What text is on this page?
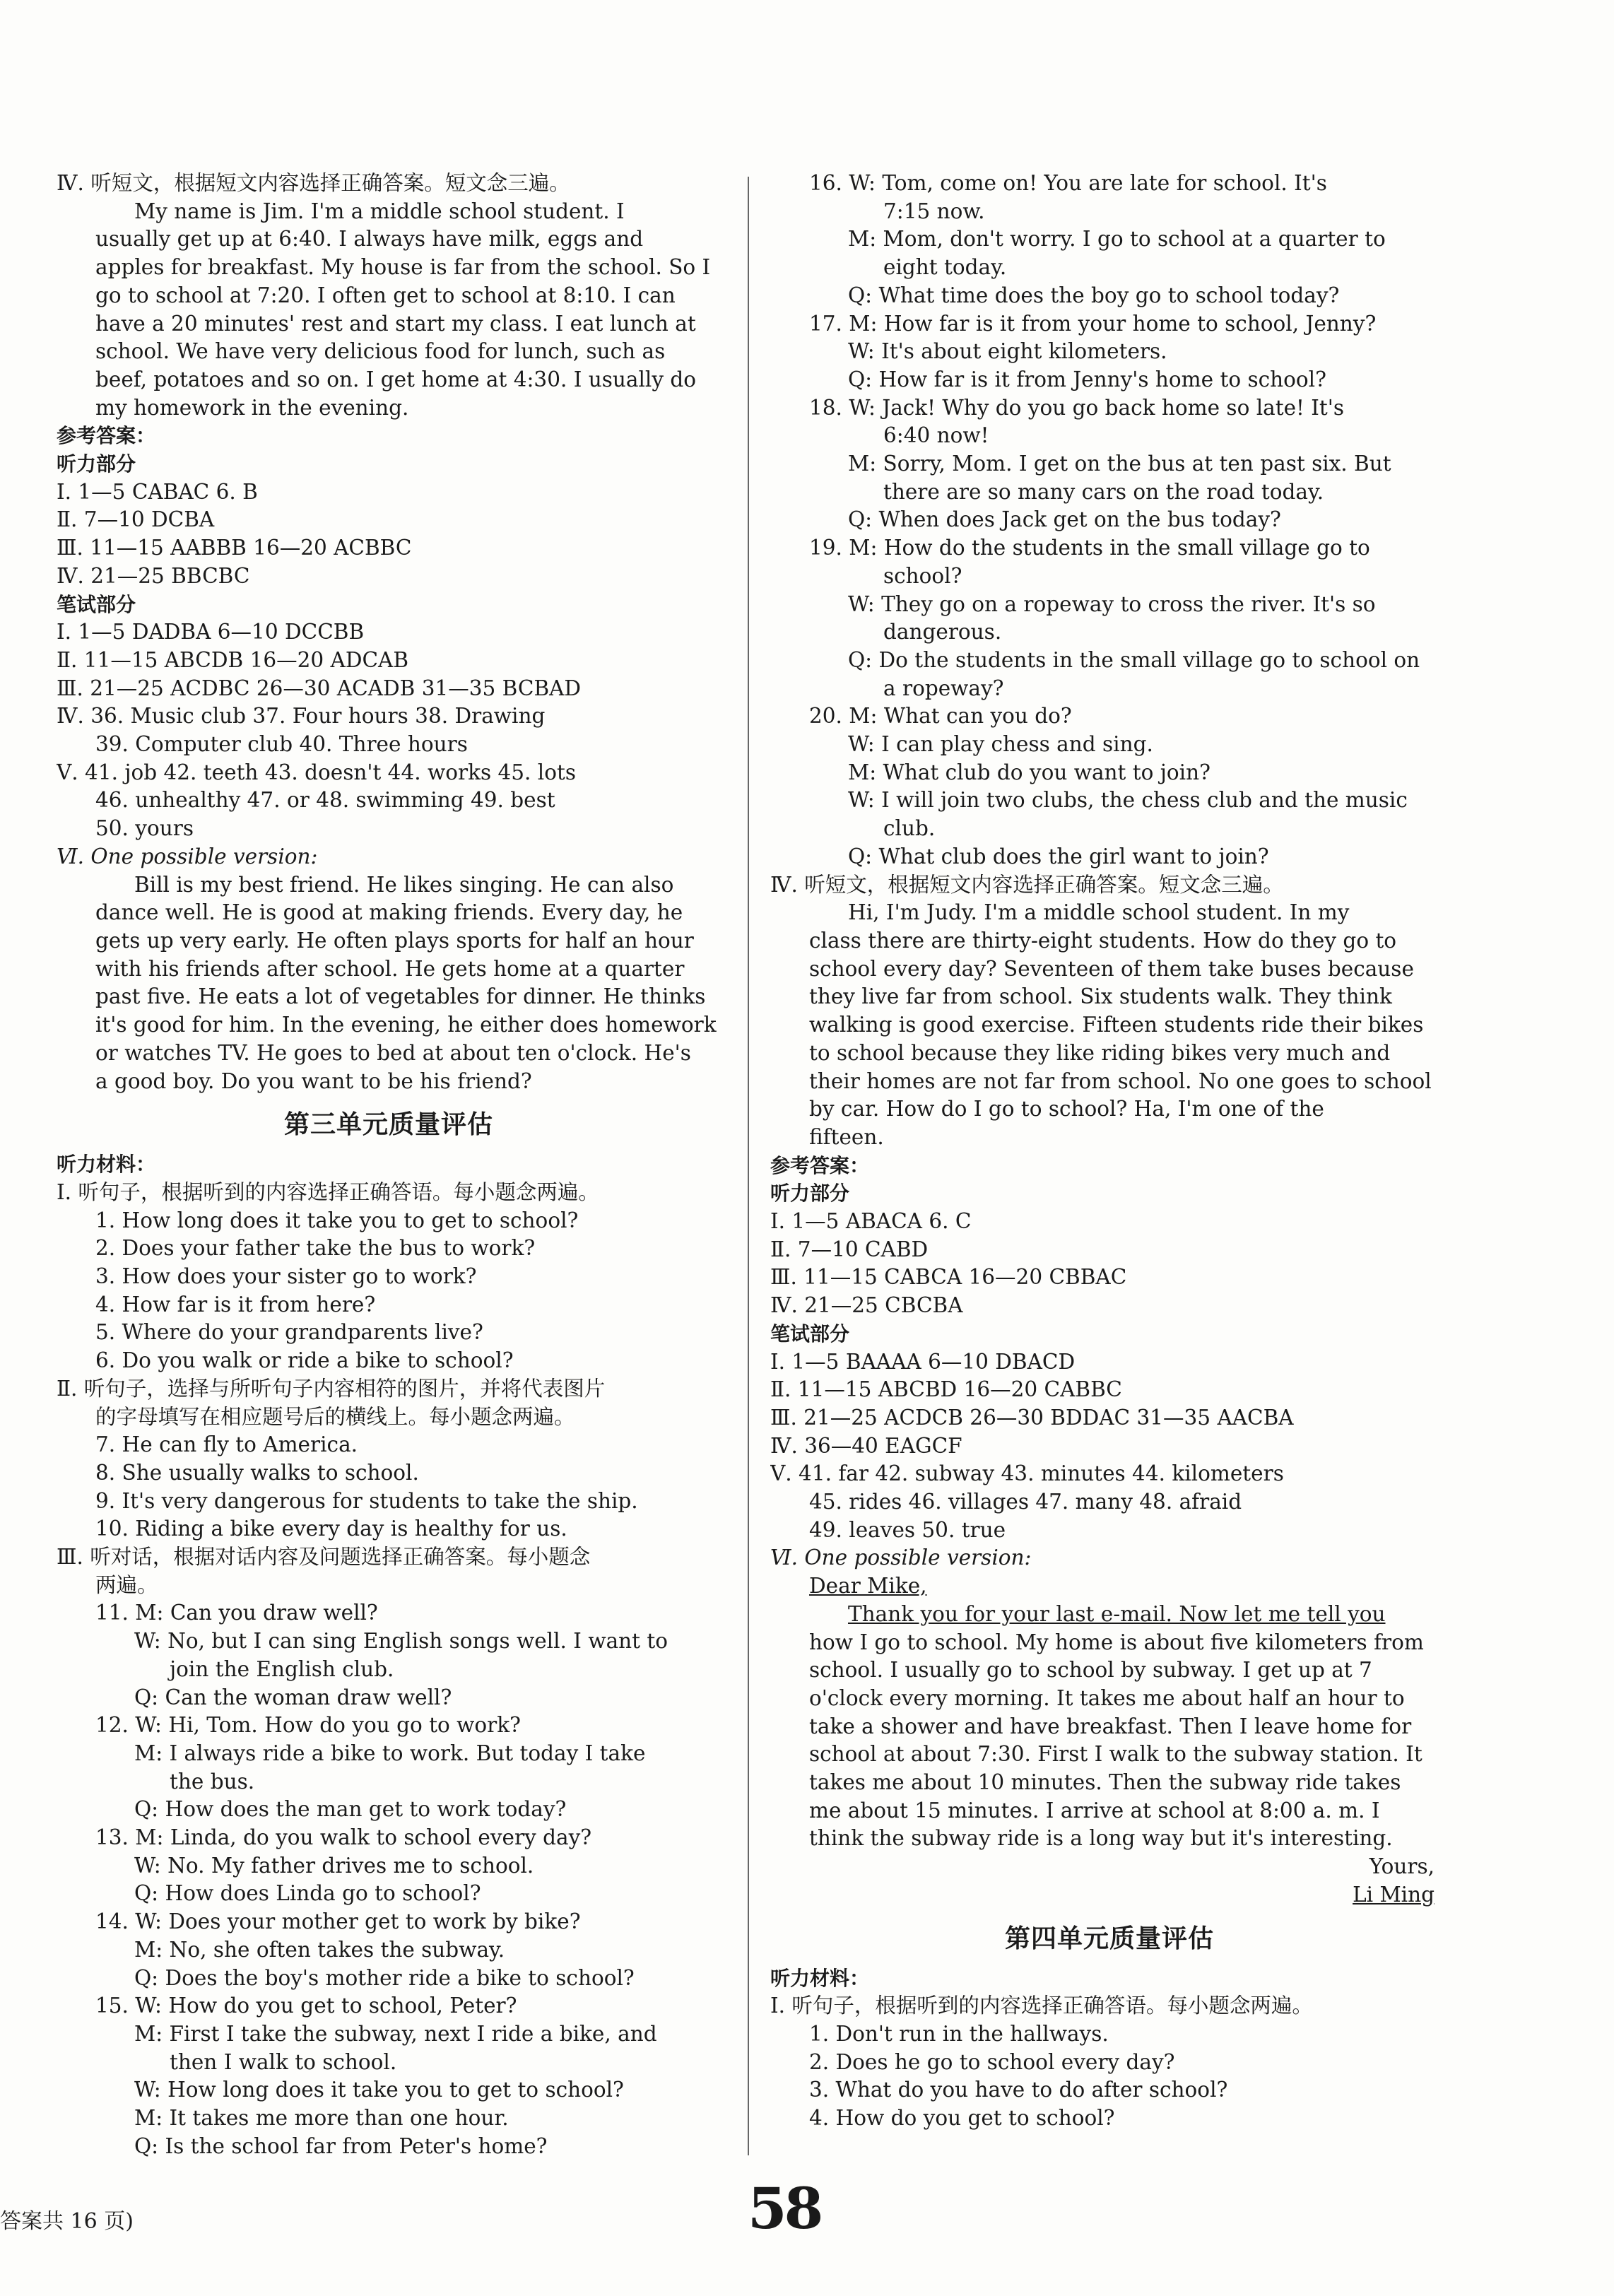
Ⅳ. 听短文，根据短文内容选择正确答案。短文念三遍。
My name is Jim. I'm a middle school student. I
usually get up at 6:40. I always have milk, eggs and
apples for breakfast. My house is far from the school. So I
go to school at 7:20. I often get to school at 8:10. I can
have a 20 minutes' rest and start my class. I eat lunch at
school. We have very delicious food for lunch, such as
beef, potatoes and so on. I get home at 4:30. I usually do
my homework in the evening.
参考答案：
听力部分
Ⅰ. 1—5 CABAC 6. B
Ⅱ. 7—10 DCBA
Ⅲ. 11—15 AABBB 16—20 ACBBC
Ⅳ. 21—25 BBCBC
笔试部分
Ⅰ. 1—5 DADBA 6—10 DCCBB
Ⅱ. 11—15 ABCDB 16—20 ADCAB
Ⅲ. 21—25 ACDBC 26—30 ACADB 31—35 BCBAD
Ⅳ. 36. Music club 37. Four hours 38. Drawing
39. Computer club 40. Three hours
Ⅴ. 41. job 42. teeth 43. doesn't 44. works 45. lots
46. unhealthy 47. or 48. swimming 49. best
50. yours
Ⅵ. One possible version:
Bill is my best friend. He likes singing. He can also
dance well. He is good at making friends. Every day, he
gets up very early. He often plays sports for half an hour
with his friends after school. He gets home at a quarter
past five. He eats a lot of vegetables for dinner. He thinks
it's good for him. In the evening, he either does homework
or watches TV. He goes to bed at about ten o'clock. He's
a good boy. Do you want to be his friend?
第三单元质量评估
听力材料：
Ⅰ. 听句子，根据听到的内容选择正确答语。每小题念两遍。
1. How long does it take you to get to school?
2. Does your father take the bus to work?
3. How does your sister go to work?
4. How far is it from here?
5. Where do your grandparents live?
6. Do you walk or ride a bike to school?
Ⅱ. 听句子，选择与所听句子内容相符的图片，并将代表图片
的字母填写在相应题号后的横线上。每小题念两遍。
7. He can fly to America.
8. She usually walks to school.
9. It's very dangerous for students to take the ship.
10. Riding a bike every day is healthy for us.
Ⅲ. 听对话，根据对话内容及问题选择正确答案。每小题念
两遍。
11. M: Can you draw well?
W: No, but I can sing English songs well. I want to
join the English club.
Q: Can the woman draw well?
12. W: Hi, Tom. How do you go to work?
M: I always ride a bike to work. But today I take
the bus.
Q: How does the man get to work today?
13. M: Linda, do you walk to school every day?
W: No. My father drives me to school.
Q: How does Linda go to school?
14. W: Does your mother get to work by bike?
M: No, she often takes the subway.
Q: Does the boy's mother ride a bike to school?
15. W: How do you get to school, Peter?
M: First I take the subway, next I ride a bike, and
then I walk to school.
W: How long does it take you to get to school?
M: It takes me more than one hour.
Q: Is the school far from Peter's home?
16. W: Tom, come on! You are late for school. It's
7:15 now.
M: Mom, don't worry. I go to school at a quarter to
eight today.
Q: What time does the boy go to school today?
17. M: How far is it from your home to school, Jenny?
W: It's about eight kilometers.
Q: How far is it from Jenny's home to school?
18. W: Jack! Why do you go back home so late! It's
6:40 now!
M: Sorry, Mom. I get on the bus at ten past six. But
there are so many cars on the road today.
Q: When does Jack get on the bus today?
19. M: How do the students in the small village go to
school?
W: They go on a ropeway to cross the river. It's so
dangerous.
Q: Do the students in the small village go to school on
a ropeway?
20. M: What can you do?
W: I can play chess and sing.
M: What club do you want to join?
W: I will join two clubs, the chess club and the music
club.
Q: What club does the girl want to join?
Ⅳ. 听短文，根据短文内容选择正确答案。短文念三遍。
Hi, I'm Judy. I'm a middle school student. In my
class there are thirty-eight students. How do they go to
school every day? Seventeen of them take buses because
they live far from school. Six students walk. They think
walking is good exercise. Fifteen students ride their bikes
to school because they like riding bikes very much and
their homes are not far from school. No one goes to school
by car. How do I go to school? Ha, I'm one of the
fifteen.
参考答案：
听力部分
Ⅰ. 1—5 ABACA 6. C
Ⅱ. 7—10 CABD
Ⅲ. 11—15 CABCA 16—20 CBBAC
Ⅳ. 21—25 CBCBA
笔试部分
Ⅰ. 1—5 BAAAA 6—10 DBACD
Ⅱ. 11—15 ABCBD 16—20 CABBC
Ⅲ. 21—25 ACDCB 26—30 BDDAC 31—35 AACBA
Ⅳ. 36—40 EAGCF
Ⅴ. 41. far 42. subway 43. minutes 44. kilometers
45. rides 46. villages 47. many 48. afraid
49. leaves 50. true
Ⅵ. One possible version:
Dear Mike,
Thank you for your last e-mail. Now let me tell you
how I go to school. My home is about five kilometers from
school. I usually go to school by subway. I get up at 7
o'clock every morning. It takes me about half an hour to
take a shower and have breakfast. Then I leave home for
school at about 7:30. First I walk to the subway station. It
takes me about 10 minutes. Then the subway ride takes
me about 15 minutes. I arrive at school at 8:00 a. m. I
think the subway ride is a long way but it's interesting.
Yours,
Li Ming
第四单元质量评估
听力材料：
Ⅰ. 听句子，根据听到的内容选择正确答语。每小题念两遍。
1. Don't run in the hallways.
2. Does he go to school every day?
3. What do you have to do after school?
4. How do you get to school?
答案共 16 页)	58
